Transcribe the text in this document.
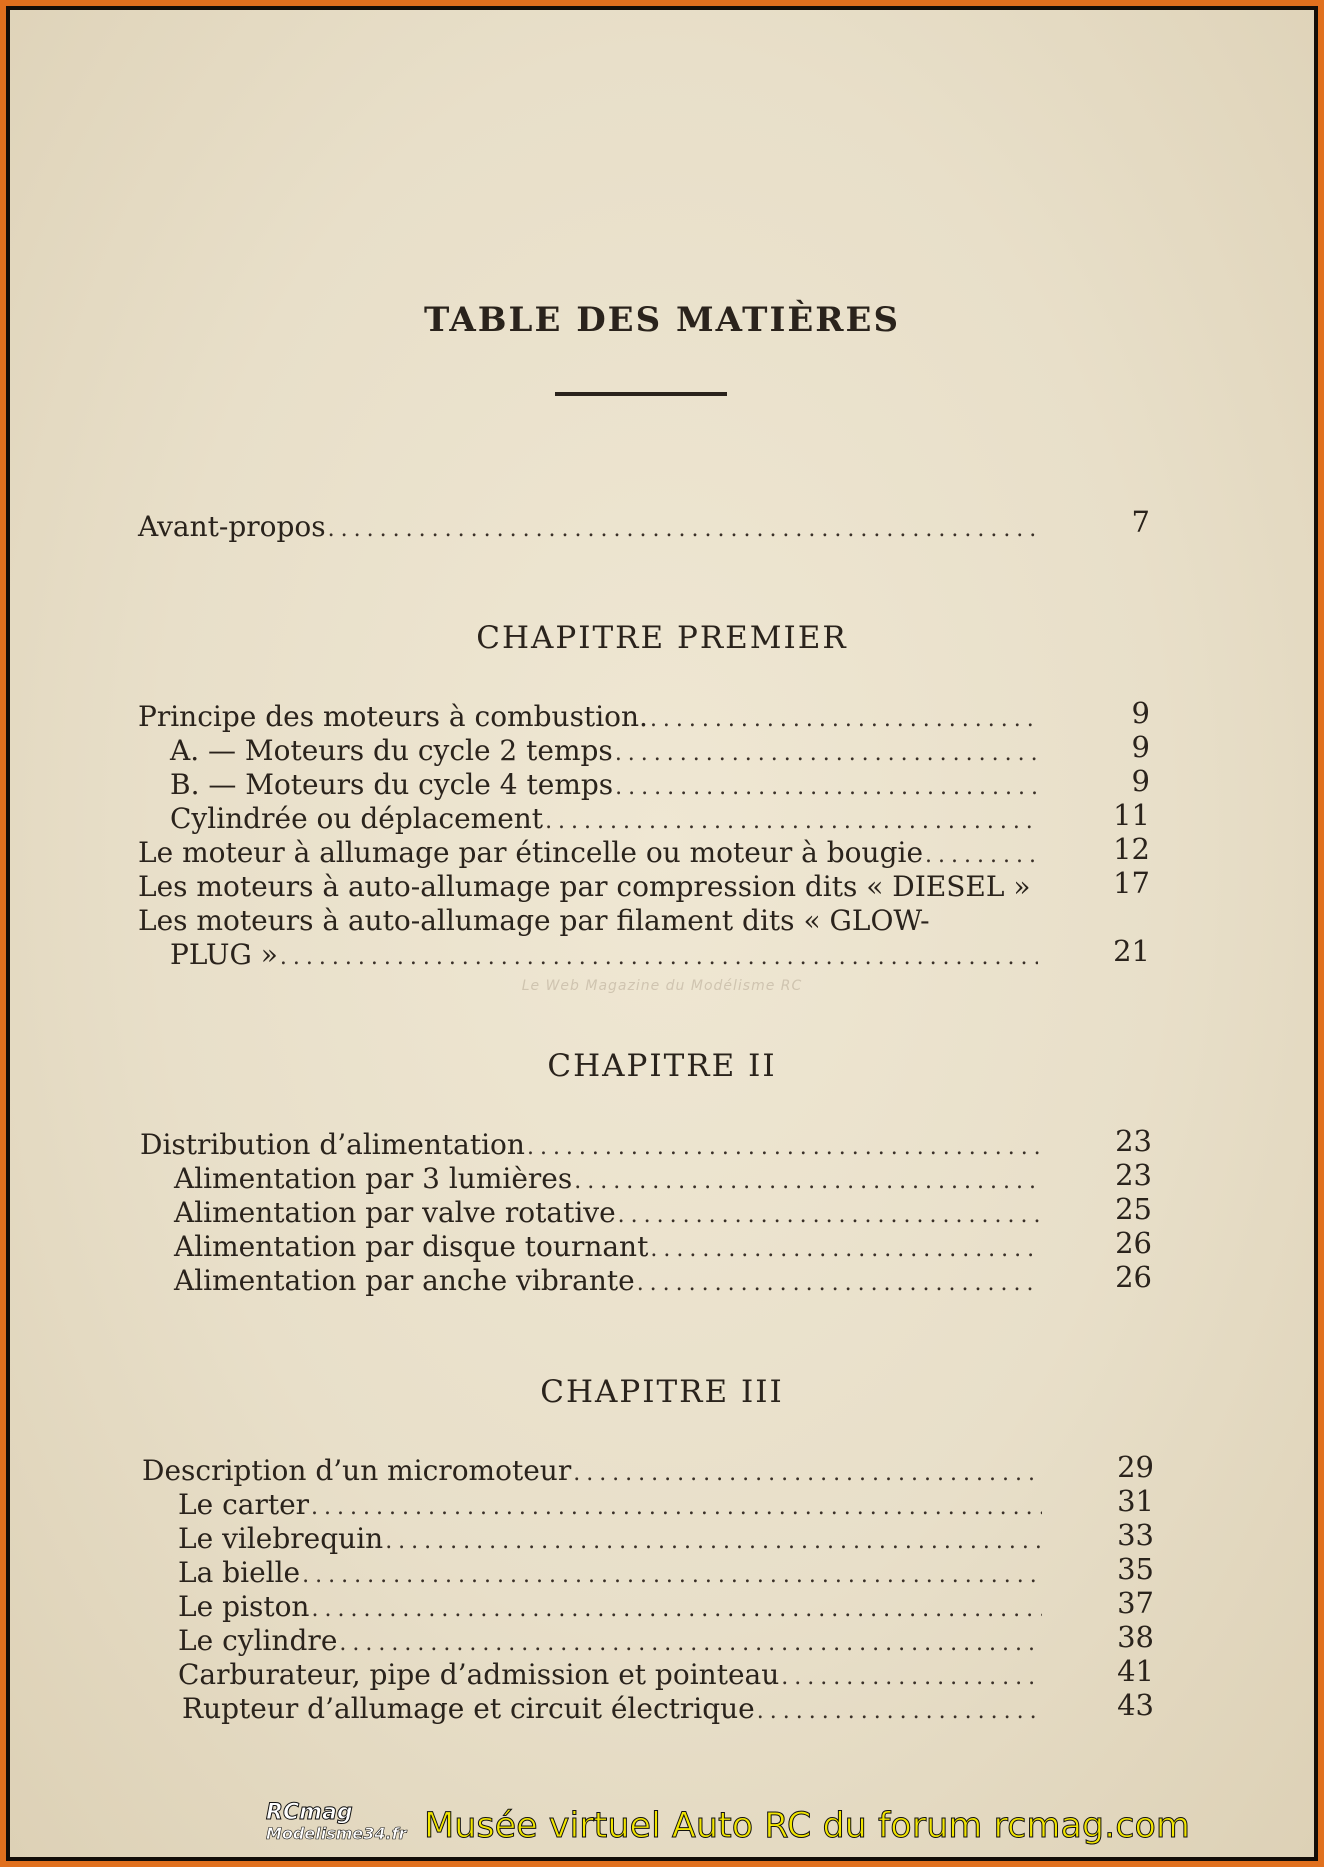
TABLE DES MATIÈRES
Avant-propos .....	7
CHAPITRE PREMIER
Principe des moteurs à combustion. .....	9
A. — Moteurs du cycle 2 temps .....	9
B. — Moteurs du cycle 4 temps .....	9
Cylindrée ou déplacement .....	11
Le moteur à allumage par étincelle ou moteur à bougie .....	12
Les moteurs à auto-allumage par compression dits « DIESEL »	17
Les moteurs à auto-allumage par filament dits « GLOW-
PLUG » .....	21
Le Web Magazine du Modélisme RC
CHAPITRE II
Distribution d’alimentation .....	23
Alimentation par 3 lumières .....	23
Alimentation par valve rotative .....	25
Alimentation par disque tournant .....	26
Alimentation par anche vibrante .....	26
CHAPITRE III
Description d’un micromoteur .....	29
Le carter .....	31
Le vilebrequin .....	33
La bielle .....	35
Le piston .....	37
Le cylindre .....	38
Carburateur, pipe d’admission et pointeau .....	41
Rupteur d’allumage et circuit électrique .....	43
RCmag
Modelisme34.fr Musée virtuel Auto RC du forum rcmag.com
